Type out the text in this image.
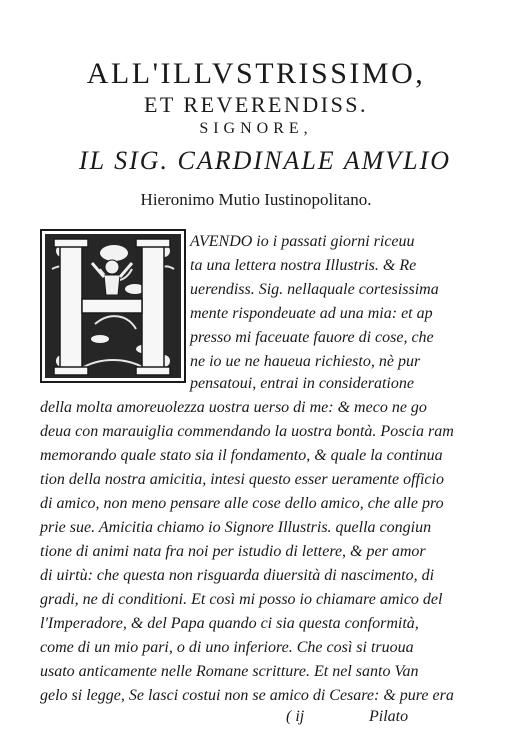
ALL'ILLVSTRISSIMO,
ET REVERENDISS.
SIGNORE,
IL SIG. CARDINALE AMVLIO
Hieronimo Mutio Iustinopolitano.
AVENDO io i passati giorni riceuu
ta una lettera nostra Illustris. & Re
uerendiss. Sig. nellaquale cortesissima
mente rispondeuate ad una mia: et ap
presso mi faceuate fauore di cose, che
ne io ue ne haueua richiesto, nè pur
pensatoui, entrai in consideratione
della molta amoreuolezza uostra uerso di me: & meco ne go
deua con marauiglia commendando la uostra bontà. Poscia ram
memorando quale stato sia il fondamento, & quale la continua
tion della nostra amicitia, intesi questo esser ueramente officio
di amico, non meno pensare alle cose dello amico, che alle pro
prie sue. Amicitia chiamo io Signore Illustris. quella congiun
tione di animi nata fra noi per istudio di lettere, & per amor
di uirtù: che questa non risguarda diuersità di nascimento, di
gradi, ne di conditioni. Et così mi posso io chiamare amico del
l'Imperadore, & del Papa quando ci sia questa conformità,
come di un mio pari, o di uno inferiore. Che così si truoua
usato anticamente nelle Romane scritture. Et nel santo Van
gelo si legge, Se lasci costui non se amico di Cesare: & pure era
( ij	Pilato
